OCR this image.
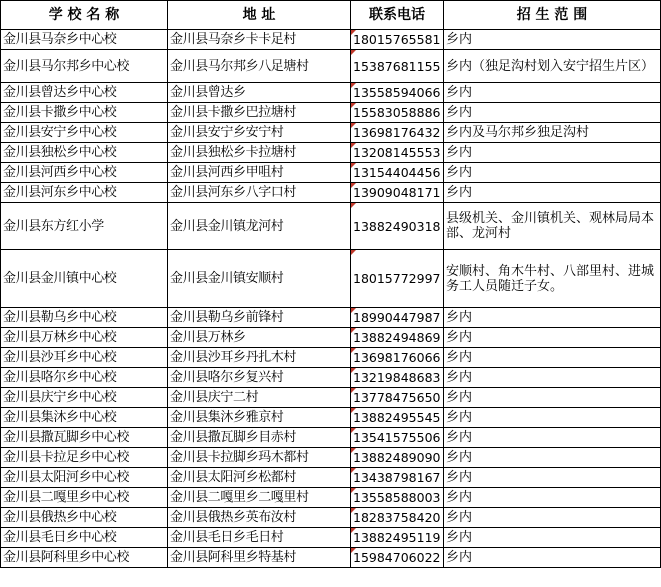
学 校 名 称	地 址	联系电话	招 生 范 围
金川县马奈乡中心校	金川县马奈乡卡卡足村	18015765581	乡内
金川县马尔邦乡中心校	金川县马尔邦乡八足塘村	15387681155	乡内（独足沟村划入安宁招生片区）
金川县曾达乡中心校	金川县曾达乡	13558594066	乡内
金川县卡撒乡中心校	金川县卡撒乡巴拉塘村	15583058886	乡内
金川县安宁乡中心校	金川县安宁乡安宁村	13698176432	乡内及马尔邦乡独足沟村
金川县独松乡中心校	金川县独松乡卡拉塘村	13208145553	乡内
金川县河西乡中心校	金川县河西乡甲咀村	13154404456	乡内
金川县河东乡中心校	金川县河东乡八字口村	13909048171	乡内
金川县东方红小学	金川县金川镇龙河村	13882490318	县级机关、金川镇机关、观林局局本部、龙河村
金川县金川镇中心校	金川县金川镇安顺村	18015772997	安顺村、角木牛村、八部里村、进城务工人员随迁子女。
金川县勒乌乡中心校	金川县勒乌乡前锋村	18990447987	乡内
金川县万林乡中心校	金川县万林乡	13882494869	乡内
金川县沙耳乡中心校	金川县沙耳乡丹扎木村	13698176066	乡内
金川县咯尔乡中心校	金川县咯尔乡复兴村	13219848683	乡内
金川县庆宁乡中心校	金川县庆宁二村	13778475650	乡内
金川县集沐乡中心校	金川县集沐乡雅京村	13882495545	乡内
金川县撒瓦脚乡中心校	金川县撒瓦脚乡目赤村	13541575506	乡内
金川县卡拉足乡中心校	金川县卡拉脚乡玛木都村	13882489090	乡内
金川县太阳河乡中心校	金川县太阳河乡松都村	13438798167	乡内
金川县二嘎里乡中心校	金川县二嘎里乡二嘎里村	13558588003	乡内
金川县俄热乡中心校	金川县俄热乡英布汝村	18283758420	乡内
金川县毛日乡中心校	金川县毛日乡毛日村	13882495119	乡内
金川县阿科里乡中心校	金川县阿科里乡特基村	15984706022	乡内
